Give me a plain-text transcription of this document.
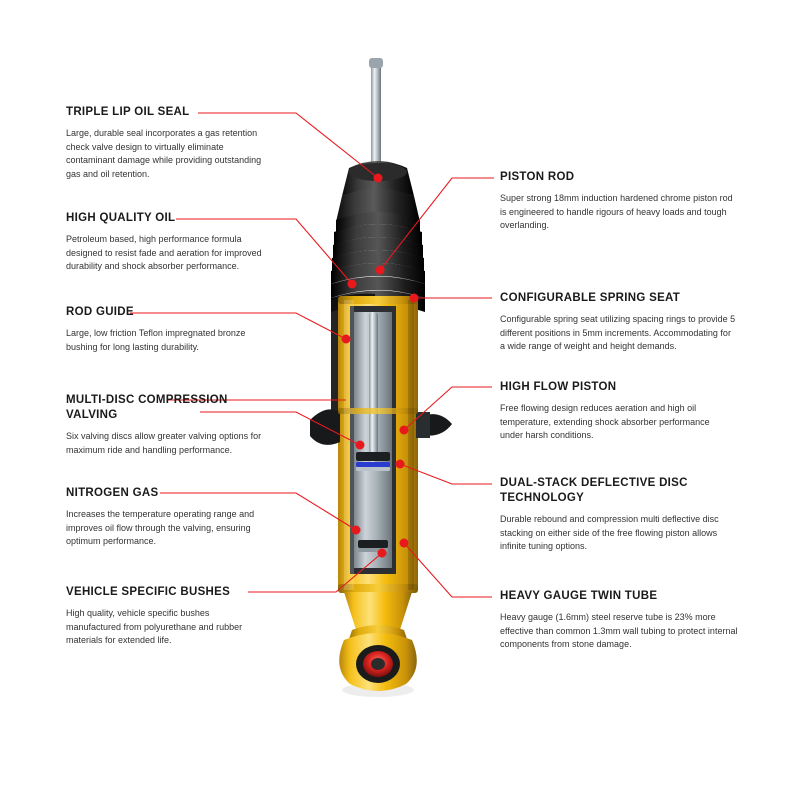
TRIPLE LIP OIL SEAL

Large, durable seal incorporates a gas retention check valve design to virtually eliminate contaminant damage while providing outstanding gas and oil retention.

HIGH QUALITY OIL

Petroleum based, high performance formula designed to resist fade and aeration for improved durability and shock absorber performance.

ROD GUIDE

Large, low friction Teflon impregnated bronze bushing for long lasting durability.

MULTI-DISC COMPRESSION VALVING

Six valving discs allow greater valving options for maximum ride and handling performance.

NITROGEN GAS

Increases the temperature operating range and improves oil flow through the valving, ensuring optimum performance.

VEHICLE SPECIFIC BUSHES

High quality, vehicle specific bushes manufactured from polyurethane and rubber materials for extended life.

PISTON ROD

Super strong 18mm induction hardened chrome piston rod is engineered to handle rigours of heavy loads and tough overlanding.

CONFIGURABLE SPRING SEAT

Configurable spring seat utilizing spacing rings to provide 5 different positions in 5mm increments. Accommodating for a wide range of weight and height demands.

HIGH FLOW PISTON

Free flowing design reduces aeration and high oil temperature, extending shock absorber performance under harsh conditions.

DUAL-STACK DEFLECTIVE DISC TECHNOLOGY

Durable rebound and compression multi deflective disc stacking on either side of the free flowing piston allows infinite tuning options.

HEAVY GAUGE TWIN TUBE

Heavy gauge (1.6mm) steel reserve tube is 23% more effective than common 1.3mm wall tubing to protect internal components from stone damage.
